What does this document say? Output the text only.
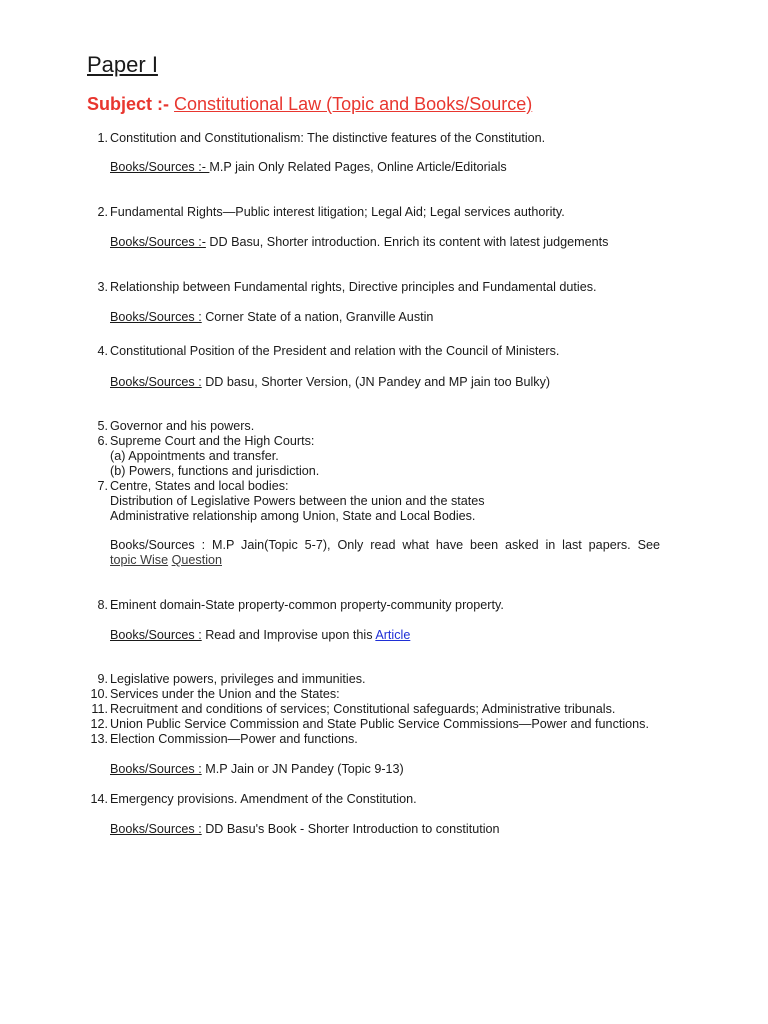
Paper I
Subject :- Constitutional Law (Topic and Books/Source)
1. Constitution and Constitutionalism: The distinctive features of the Constitution.
Books/Sources :- M.P jain Only Related Pages, Online Article/Editorials
2. Fundamental Rights—Public interest litigation; Legal Aid; Legal services authority.
Books/Sources :- DD Basu, Shorter introduction. Enrich its content with latest judgements
3. Relationship between Fundamental rights, Directive principles and Fundamental duties.
Books/Sources : Corner State of a nation, Granville Austin
4. Constitutional Position of the President and relation with the Council of Ministers.
Books/Sources : DD basu, Shorter Version, (JN Pandey and MP jain too Bulky)
5. Governor and his powers.
6. Supreme Court and the High Courts:
(a) Appointments and transfer.
(b) Powers, functions and jurisdiction.
7. Centre, States and local bodies:
Distribution of Legislative Powers between the union and the states
Administrative relationship among Union, State and Local Bodies.
Books/Sources : M.P Jain(Topic 5-7), Only read what have been asked in last papers. See
topic Wise Question
8. Eminent domain-State property-common property-community property.
Books/Sources : Read and Improvise upon this Article
9. Legislative powers, privileges and immunities.
10. Services under the Union and the States:
11. Recruitment and conditions of services; Constitutional safeguards; Administrative tribunals.
12. Union Public Service Commission and State Public Service Commissions—Power and functions.
13. Election Commission—Power and functions.
Books/Sources : M.P Jain or JN Pandey (Topic 9-13)
14. Emergency provisions. Amendment of the Constitution.
Books/Sources : DD Basu's Book - Shorter Introduction to constitution
